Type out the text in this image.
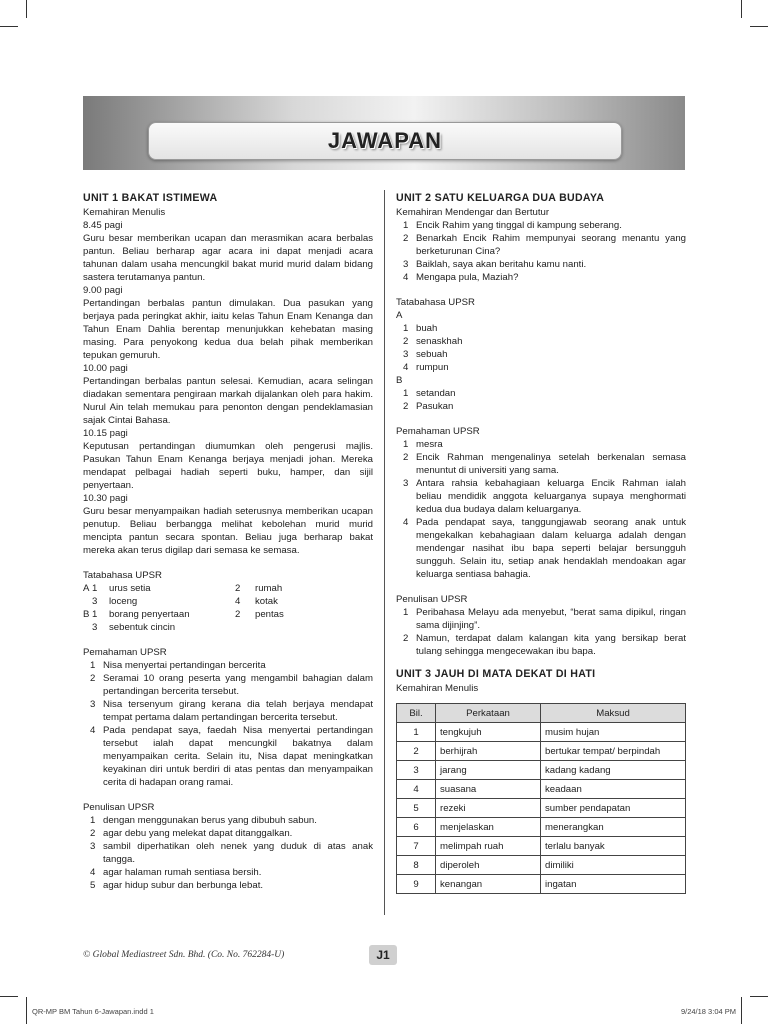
JAWAPAN
UNIT 1 BAKAT ISTIMEWA
Kemahiran Menulis
8.45 pagi
Guru besar memberikan ucapan dan merasmikan acara berbalas pantun. Beliau berharap agar acara ini dapat menjadi acara tahunan dalam usaha mencungkil bakat murid murid dalam bidang sastera terutamanya pantun.
9.00 pagi
Pertandingan berbalas pantun dimulakan. Dua pasukan yang berjaya pada peringkat akhir, iaitu kelas Tahun Enam Kenanga dan Tahun Enam Dahlia berentap menunjukkan kehebatan masing masing. Para penyokong kedua dua belah pihak memberikan tepukan gemuruh.
10.00 pagi
Pertandingan berbalas pantun selesai. Kemudian, acara selingan diadakan sementara pengiraan markah dijalankan oleh para hakim. Nurul Ain telah memukau para penonton dengan pendeklamasian sajak Cintai Bahasa.
10.15 pagi
Keputusan pertandingan diumumkan oleh pengerusi majlis. Pasukan Tahun Enam Kenanga berjaya menjadi johan. Mereka mendapat pelbagai hadiah seperti buku, hamper, dan sijil penyertaan.
10.30 pagi
Guru besar menyampaikan hadiah seterusnya memberikan ucapan penutup. Beliau berbangga melihat kebolehan murid murid mencipta pantun secara spontan. Beliau juga berharap bakat mereka akan terus digilap dari semasa ke semasa.
Tatabahasa UPSR
A 1 urus setia	2 rumah
3 loceng	4 kotak
B 1 borang penyertaan	2 pentas
3 sebentuk cincin
Pemahaman UPSR
1 Nisa menyertai pertandingan bercerita
2 Seramai 10 orang peserta yang mengambil bahagian dalam pertandingan bercerita tersebut.
3 Nisa tersenyum girang kerana dia telah berjaya mendapat tempat pertama dalam pertandingan bercerita tersebut.
4 Pada pendapat saya, faedah Nisa menyertai pertandingan tersebut ialah dapat mencungkil bakatnya dalam menyampaikan cerita. Selain itu, Nisa dapat meningkatkan keyakinan diri untuk berdiri di atas pentas dan menyampaikan cerita di hadapan orang ramai.
Penulisan UPSR
1 dengan menggunakan berus yang dibubuh sabun.
2 agar debu yang melekat dapat ditanggalkan.
3 sambil diperhatikan oleh nenek yang duduk di atas anak tangga.
4 agar halaman rumah sentiasa bersih.
5 agar hidup subur dan berbunga lebat.
UNIT 2 SATU KELUARGA DUA BUDAYA
Kemahiran Mendengar dan Bertutur
1 Encik Rahim yang tinggal di kampung seberang.
2 Benarkah Encik Rahim mempunyai seorang menantu yang berketurunan Cina?
3 Baiklah, saya akan beritahu kamu nanti.
4 Mengapa pula, Maziah?
Tatabahasa UPSR
A
1 buah
2 senaskhah
3 sebuah
4 rumpun
B
1 setandan
2 Pasukan
Pemahaman UPSR
1 mesra
2 Encik Rahman mengenalinya setelah berkenalan semasa menuntut di universiti yang sama.
3 Antara rahsia kebahagiaan keluarga Encik Rahman ialah beliau mendidik anggota keluarganya supaya menghormati kedua dua budaya dalam keluarganya.
4 Pada pendapat saya, tanggungjawab seorang anak untuk mengekalkan kebahagiaan dalam keluarga adalah dengan mendengar nasihat ibu bapa seperti belajar bersungguh sungguh. Selain itu, setiap anak hendaklah mendoakan agar keluarga sentiasa bahagia.
Penulisan UPSR
1 Peribahasa Melayu ada menyebut, “berat sama dipikul, ringan sama dijinjing”.
2 Namun, terdapat dalam kalangan kita yang bersikap berat tulang sehingga mengecewakan ibu bapa.
UNIT 3 JAUH DI MATA DEKAT DI HATI
Kemahiran Menulis
Bil.	Perkataan	Maksud
1	tengkujuh	musim hujan
2	berhijrah	bertukar tempat/ berpindah
3	jarang	kadang kadang
4	suasana	keadaan
5	rezeki	sumber pendapatan
6	menjelaskan	menerangkan
7	melimpah ruah	terlalu banyak
8	diperoleh	dimiliki
9	kenangan	ingatan
© Global Mediastreet Sdn. Bhd. (Co. No. 762284-U)	J1
QR-MP BM Tahun 6-Jawapan.indd 1	9/24/18 3:04 PM
